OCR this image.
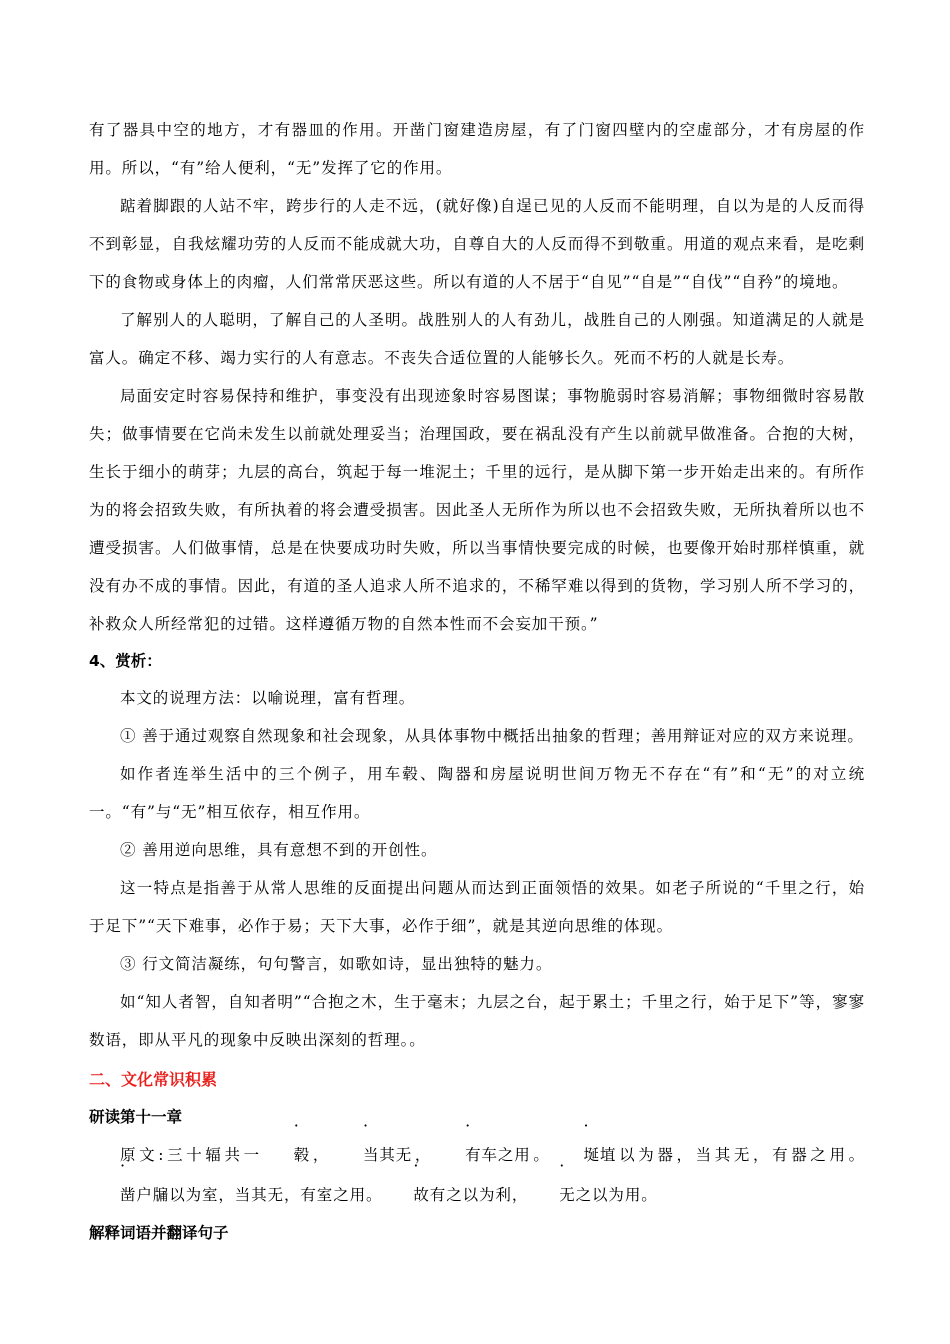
有了器具中空的地方，才有器皿的作用。开凿门窗建造房屋，有了门窗四壁内的空虚部分，才有房屋的作用。所以，“有”给人便利，“无”发挥了它的作用。

踮着脚跟的人站不牢，跨步行的人走不远，(就好像)自逞已见的人反而不能明理，自以为是的人反而得不到彰显，自我炫耀功劳的人反而不能成就大功，自尊自大的人反而得不到敬重。用道的观点来看，是吃剩下的食物或身体上的肉瘤，人们常常厌恶这些。所以有道的人不居于“自见”“自是”“自伐”“自矜”的境地。

了解别人的人聪明，了解自己的人圣明。战胜别人的人有劲儿，战胜自己的人刚强。知道满足的人就是富人。确定不移、竭力实行的人有意志。不丧失合适位置的人能够长久。死而不朽的人就是长寿。

局面安定时容易保持和维护，事变没有出现迹象时容易图谋；事物脆弱时容易消解；事物细微时容易散失；做事情要在它尚未发生以前就处理妥当；治理国政，要在祸乱没有产生以前就早做准备。合抱的大树，生长于细小的萌芽；九层的高台，筑起于每一堆泥土；千里的远行，是从脚下第一步开始走出来的。有所作为的将会招致失败，有所执着的将会遭受损害。因此圣人无所作为所以也不会招致失败，无所执着所以也不遭受损害。人们做事情，总是在快要成功时失败，所以当事情快要完成的时候，也要像开始时那样慎重，就没有办不成的事情。因此，有道的圣人追求人所不追求的，不稀罕难以得到的货物，学习别人所不学习的，补救众人所经常犯的过错。这样遵循万物的自然本性而不会妄加干预。”

4、赏析：

本文的说理方法：以喻说理，富有哲理。

① 善于通过观察自然现象和社会现象，从具体事物中概括出抽象的哲理；善用辩证对应的双方来说理。

如作者连举生活中的三个例子，用车毂、陶器和房屋说明世间万物无不存在“有”和“无”的对立统一。“有”与“无”相互依存，相互作用。

② 善用逆向思维，具有意想不到的开创性。

这一特点是指善于从常人思维的反面提出问题从而达到正面领悟的效果。如老子所说的“千里之行，始于足下”“天下难事，必作于易；天下大事，必作于细”，就是其逆向思维的体现。

③ 行文简洁凝练，句句警言，如歌如诗，显出独特的魅力。

如“知人者智，自知者明”“合抱之木，生于毫末；九层之台，起于累土；千里之行，始于足下”等，寥寥数语，即从平凡的现象中反映出深刻的哲理。。

二、文化常识积累

研读第十一章

原文:三十辐共一 毂， 当其无， 有车之用。 埏埴以为器，当其无，有器之用。凿户牖以为室，当其无，有室之用。 · 故有之以为利， · 无之以为用。

解释词语并翻译句子
